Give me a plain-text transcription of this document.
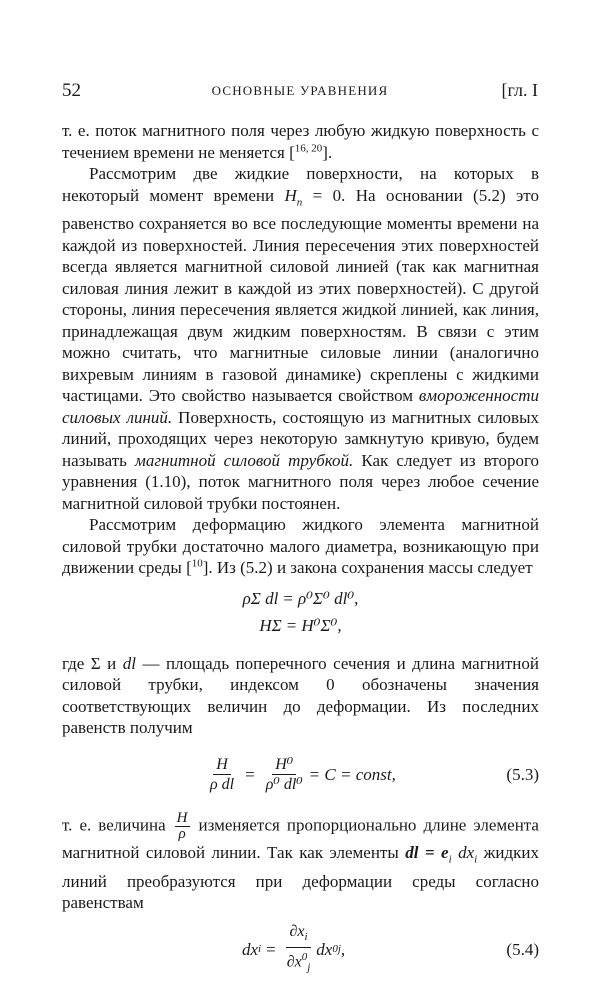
52	ОСНОВНЫЕ УРАВНЕНИЯ	[гл. I

т. е. поток магнитного поля через любую жидкую поверхность с течением времени не меняется [$^{16, 20}$].

Рассмотрим две жидкие поверхности, на которых в некоторый момент времени $H_n = 0$. На основании (5.2) это равенство сохраняется во все последующие моменты времени на каждой из поверхностей. Линия пересечения этих поверхностей всегда является магнитной силовой линией (так как магнитная силовая линия лежит в каждой из этих поверхностей). С другой стороны, линия пересечения является жидкой линией, как линия, принадлежащая двум жидким поверхностям. В связи с этим можно считать, что магнитные силовые линии (аналогично вихревым линиям в газовой динамике) скреплены с жидкими частицами. Это свойство называется свойством вмороженности силовых линий. Поверхность, состоящую из магнитных силовых линий, проходящих через некоторую замкнутую кривую, будем называть магнитной силовой трубкой. Как следует из второго уравнения (1.10), поток магнитного поля через любое сечение магнитной силовой трубки постоянен.

Рассмотрим деформацию жидкого элемента магнитной силовой трубки достаточно малого диаметра, возникающую при движении среды [$^{10}$]. Из (5.2) и закона сохранения массы следует

ρΣ dl = ρ⁰Σ⁰ dl⁰,
HΣ = H⁰Σ⁰,

где Σ и dl — площадь поперечного сечения и длина магнитной силовой трубки, индексом 0 обозначены значения соответствующих величин до деформации. Из последних равенств получим

$\frac{H}{\text{ρ dl}} = \frac{\text{H⁰}}{\text{ρ⁰ dl⁰}} = C$ = const,	(5.3)

т. е. величина $\frac{H}{\rho}$ изменяется пропорционально длине элемента магнитной силовой линии. Так как элементы dl = $e_i$ $dx_i$ жидких линий преобразуются при деформации среды согласно равенствам

dx $i = \frac{\partial x_i}{\partial x^0_j}$ dx 0 j ,	(5.4)
